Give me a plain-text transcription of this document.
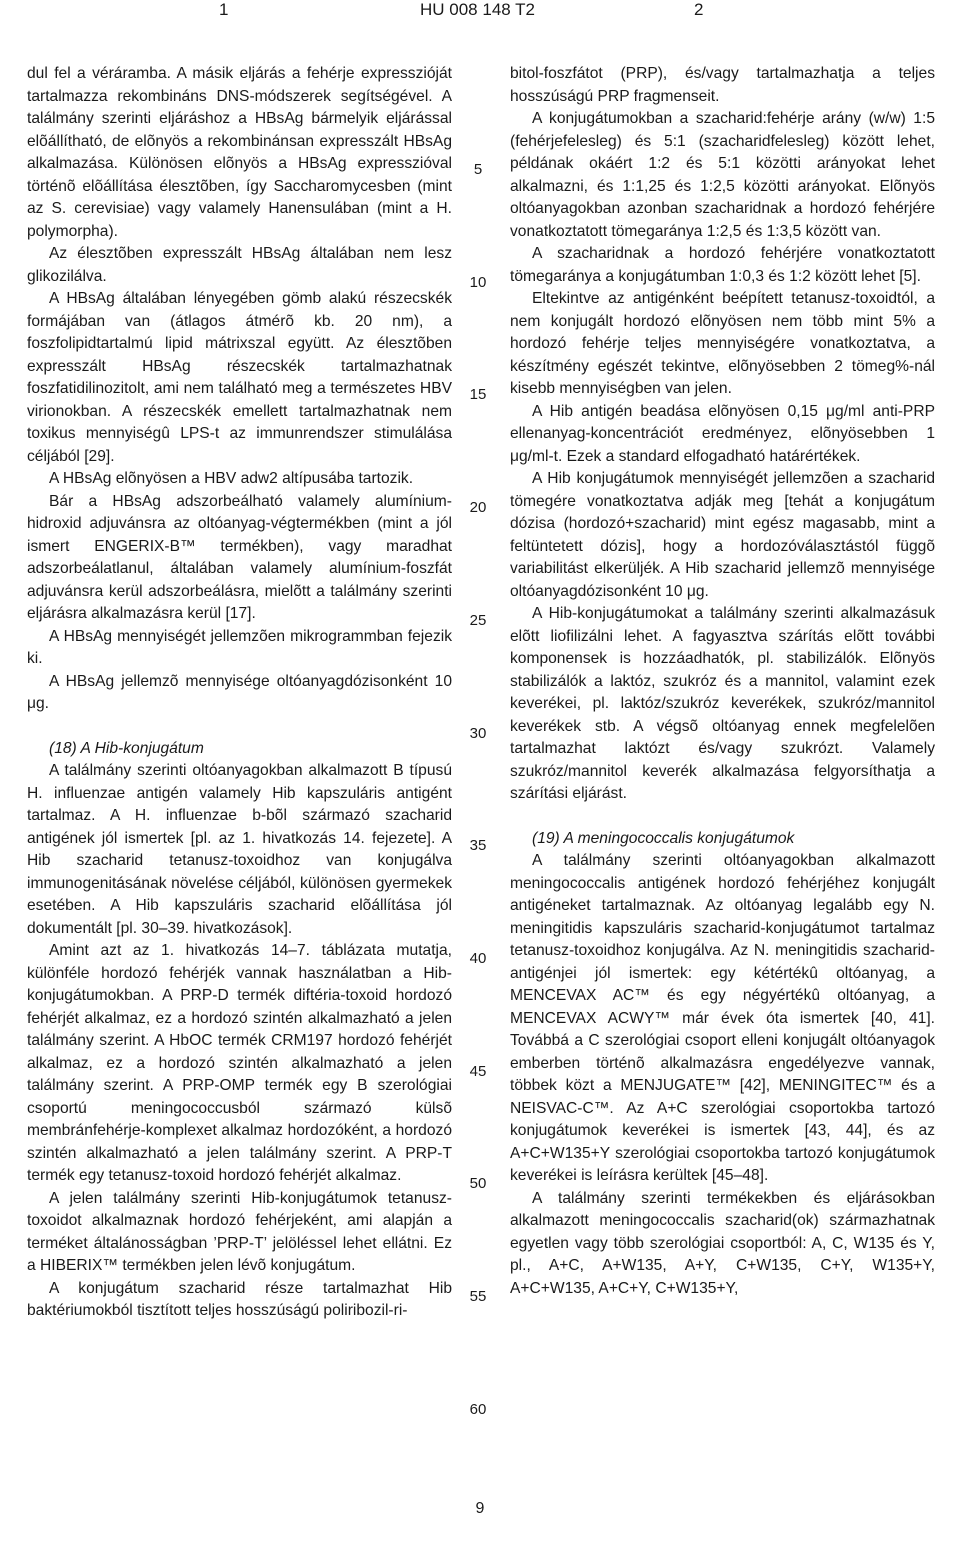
1	HU 008 148 T2	2

dul fel a véráramba. A másik eljárás a fehérje expresszióját tartalmazza rekombináns DNS-módszerek segítségével. A találmány szerinti eljáráshoz a HBsAg bármelyik eljárással elõállítható, de elõnyös a rekombinánsan expresszált HBsAg alkalmazása. Különösen elõnyös a HBsAg expresszióval történõ elõállítása élesztõben, így Saccharomycesben (mint az S. cerevisiae) vagy valamely Hanensulában (mint a H. polymorpha).

Az élesztõben expresszált HBsAg általában nem lesz glikozilálva.

A HBsAg általában lényegében gömb alakú részecskék formájában van (átlagos átmérõ kb. 20 nm), a foszfolipidtartalmú lipid mátrixszal együtt. Az élesztõben expresszált HBsAg részecskék tartalmazhatnak foszfatidilinozitolt, ami nem található meg a természetes HBV virionokban. A részecskék emellett tartalmazhatnak nem toxikus mennyiségû LPS-t az immunrendszer stimulálása céljából [29].

A HBsAg elõnyösen a HBV adw2 altípusába tartozik.

Bár a HBsAg adszorbeálható valamely alumínium-hidroxid adjuvánsra az oltóanyag-végtermékben (mint a jól ismert ENGERIX-B™ termékben), vagy maradhat adszorbeálatlanul, általában valamely alumínium-foszfát adjuvánsra kerül adszorbeálásra, mielõtt a találmány szerinti eljárásra alkalmazásra kerül [17].

A HBsAg mennyiségét jellemzõen mikrogrammban fejezik ki.

A HBsAg jellemzõ mennyisége oltóanyagdózisonként 10 μg.

(18) A Hib-konjugátum

A találmány szerinti oltóanyagokban alkalmazott B típusú H. influenzae antigén valamely Hib kapszuláris antigént tartalmaz. A H. influenzae b-bõl származó szacharid antigének jól ismertek [pl. az 1. hivatkozás 14. fejezete]. A Hib szacharid tetanusz-toxoidhoz van konjugálva immunogenitásának növelése céljából, különösen gyermekek esetében. A Hib kapszuláris szacharid elõállítása jól dokumentált [pl. 30–39. hivatkozások].

Amint azt az 1. hivatkozás 14–7. táblázata mutatja, különféle hordozó fehérjék vannak használatban a Hib-konjugátumokban. A PRP-D termék diftéria-toxoid hordozó fehérjét alkalmaz, ez a hordozó szintén alkalmazható a jelen találmány szerint. A HbOC termék CRM197 hordozó fehérjét alkalmaz, ez a hordozó szintén alkalmazható a jelen találmány szerint. A PRP-OMP termék egy B szerológiai csoportú meningococcusból származó külsõ membránfehérje-komplexet alkalmaz hordozóként, a hordozó szintén alkalmazható a jelen találmány szerint. A PRP-T termék egy tetanusz-toxoid hordozó fehérjét alkalmaz.

A jelen találmány szerinti Hib-konjugátumok tetanusz-toxoidot alkalmaznak hordozó fehérjeként, ami alapján a terméket általánosságban ’PRP-T’ jelöléssel lehet ellátni. Ez a HIBERIX™ termékben jelen lévõ konjugátum.

A konjugátum szacharid része tartalmazhat Hib baktériumokból tisztított teljes hosszúságú poliribozil-ri-

bitol-foszfátot (PRP), és/vagy tartalmazhatja a teljes hosszúságú PRP fragmenseit.

A konjugátumokban a szacharid:fehérje arány (w/w) 1:5 (fehérjefelesleg) és 5:1 (szacharidfelesleg) között lehet, példának okáért 1:2 és 5:1 közötti arányokat lehet alkalmazni, és 1:1,25 és 1:2,5 közötti arányokat. Elõnyös oltóanyagokban azonban szacharidnak a hordozó fehérjére vonatkoztatott tömegaránya 1:2,5 és 1:3,5 között van.

A szacharidnak a hordozó fehérjére vonatkoztatott tömegaránya a konjugátumban 1:0,3 és 1:2 között lehet [5].

Eltekintve az antigénként beépített tetanusz-toxoidtól, a nem konjugált hordozó elõnyösen nem több mint 5% a hordozó fehérje teljes mennyiségére vonatkoztatva, a készítmény egészét tekintve, elõnyösebben 2 tömeg%-nál kisebb mennyiségben van jelen.

A Hib antigén beadása elõnyösen 0,15 μg/ml anti-PRP ellenanyag-koncentrációt eredményez, elõnyösebben 1 μg/ml-t. Ezek a standard elfogadható határértékek.

A Hib konjugátumok mennyiségét jellemzõen a szacharid tömegére vonatkoztatva adják meg [tehát a konjugátum dózisa (hordozó+szacharid) mint egész magasabb, mint a feltüntetett dózis], hogy a hordozóválasztástól függõ variabilitást elkerüljék. A Hib szacharid jellemzõ mennyisége oltóanyagdózisonként 10 μg.

A Hib-konjugátumokat a találmány szerinti alkalmazásuk elõtt liofilizálni lehet. A fagyasztva szárítás elõtt további komponensek is hozzáadhatók, pl. stabilizálók. Elõnyös stabilizálók a laktóz, szukróz és a mannitol, valamint ezek keverékei, pl. laktóz/szukróz keverékek, szukróz/mannitol keverékek stb. A végsõ oltóanyag ennek megfelelõen tartalmazhat laktózt és/vagy szukrózt. Valamely szukróz/mannitol keverék alkalmazása felgyorsíthatja a szárítási eljárást.

(19) A meningococcalis konjugátumok

A találmány szerinti oltóanyagokban alkalmazott meningococcalis antigének hordozó fehérjéhez konjugált antigéneket tartalmaznak. Az oltóanyag legalább egy N. meningitidis kapszuláris szacharid-konjugátumot tartalmaz tetanusz-toxoidhoz konjugálva. Az N. meningitidis szacharid-antigénjei jól ismertek: egy kétértékû oltóanyag, a MENCEVAX AC™ és egy négyértékû oltóanyag, a MENCEVAX ACWY™ már évek óta ismertek [40, 41]. Továbbá a C szerológiai csoport elleni konjugált oltóanyagok emberben történõ alkalmazásra engedélyezve vannak, többek közt a MENJUGATE™ [42], MENINGITEC™ és a NEISVAC-C™. Az A+C szerológiai csoportokba tartozó konjugátumok keverékei is ismertek [43, 44], és az A+C+W135+Y szerológiai csoportokba tartozó konjugátumok keverékei is leírásra kerültek [45–48].

A találmány szerinti termékekben és eljárásokban alkalmazott meningococcalis szacharid(ok) származhatnak egyetlen vagy több szerológiai csoportból: A, C, W135 és Y, pl., A+C, A+W135, A+Y, C+W135, C+Y, W135+Y, A+C+W135, A+C+Y, C+W135+Y,

5
10
15
20
25
30
35
40
45
50
55
60
9
